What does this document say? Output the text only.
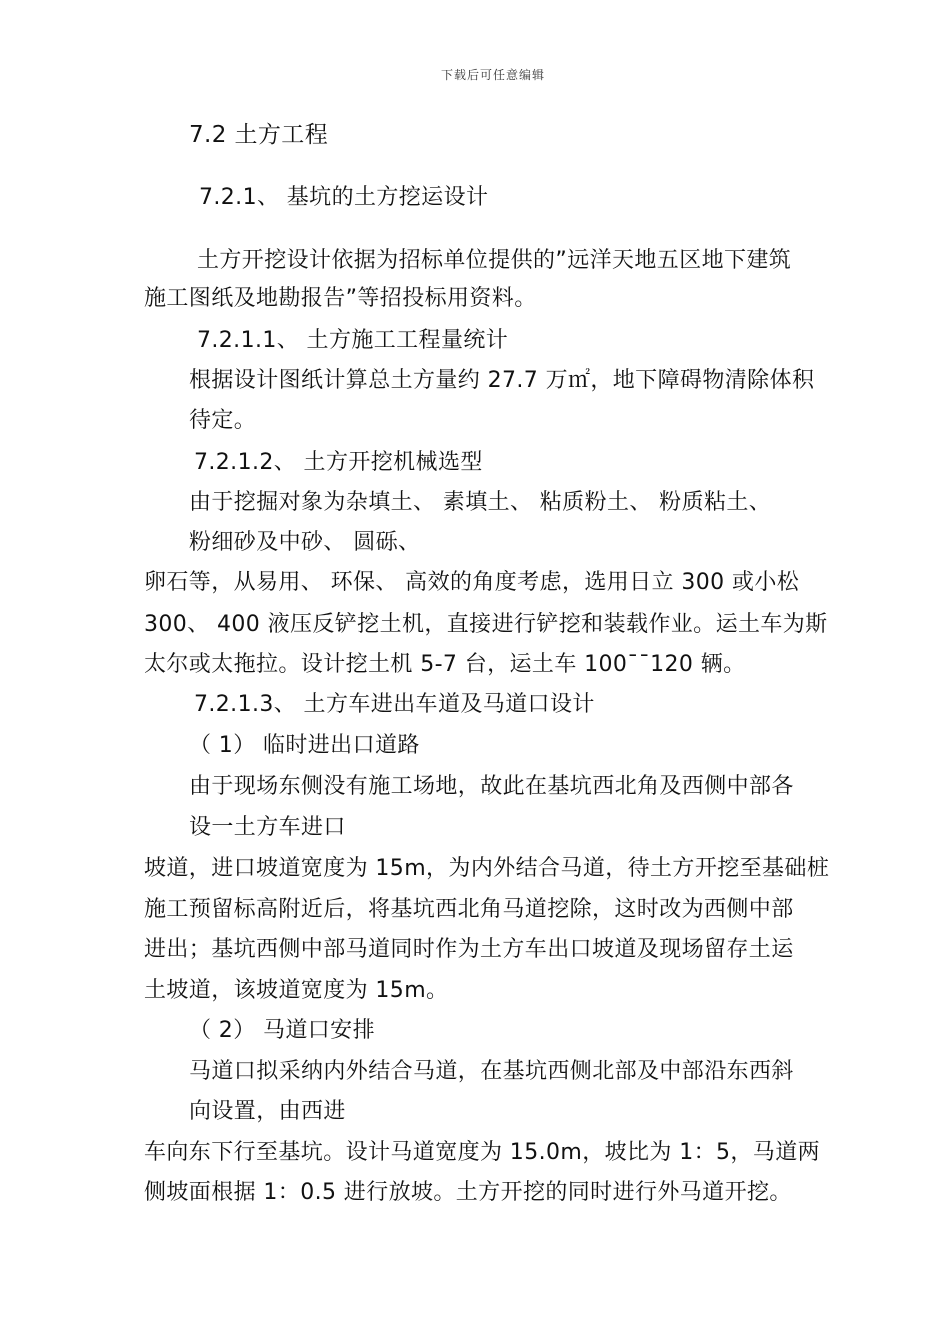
下载后可任意编辑
7.2 土方工程
7.2.1、 基坑的土方挖运设计
土方开挖设计依据为招标单位提供的”远洋天地五区地下建筑
施工图纸及地勘报告”等招投标用资料。
7.2.1.1、 土方施工工程量统计
根据设计图纸计算总土方量约 27.7 万㎡，地下障碍物清除体积
待定。
7.2.1.2、 土方开挖机械选型
由于挖掘对象为杂填土、 素填土、 粘质粉土、 粉质粘土、
粉细砂及中砂、 圆砾、
卵石等，从易用、 环保、 高效的角度考虑，选用日立 300 或小松
300、 400 液压反铲挖土机，直接进行铲挖和装载作业。运土车为斯
太尔或太拖拉。设计挖土机 5-7 台，运土车 100¯¯120 辆。
7.2.1.3、 土方车进出车道及马道口设计
（ 1） 临时进出口道路
由于现场东侧没有施工场地，故此在基坑西北角及西侧中部各
设一土方车进口
坡道，进口坡道宽度为 15m，为内外结合马道，待土方开挖至基础桩
施工预留标高附近后，将基坑西北角马道挖除，这时改为西侧中部
进出；基坑西侧中部马道同时作为土方车出口坡道及现场留存土运
土坡道，该坡道宽度为 15m。
（ 2） 马道口安排
马道口拟采纳内外结合马道，在基坑西侧北部及中部沿东西斜
向设置，由西进
车向东下行至基坑。设计马道宽度为 15.0m，坡比为 1：5，马道两
侧坡面根据 1：0.5 进行放坡。土方开挖的同时进行外马道开挖。
